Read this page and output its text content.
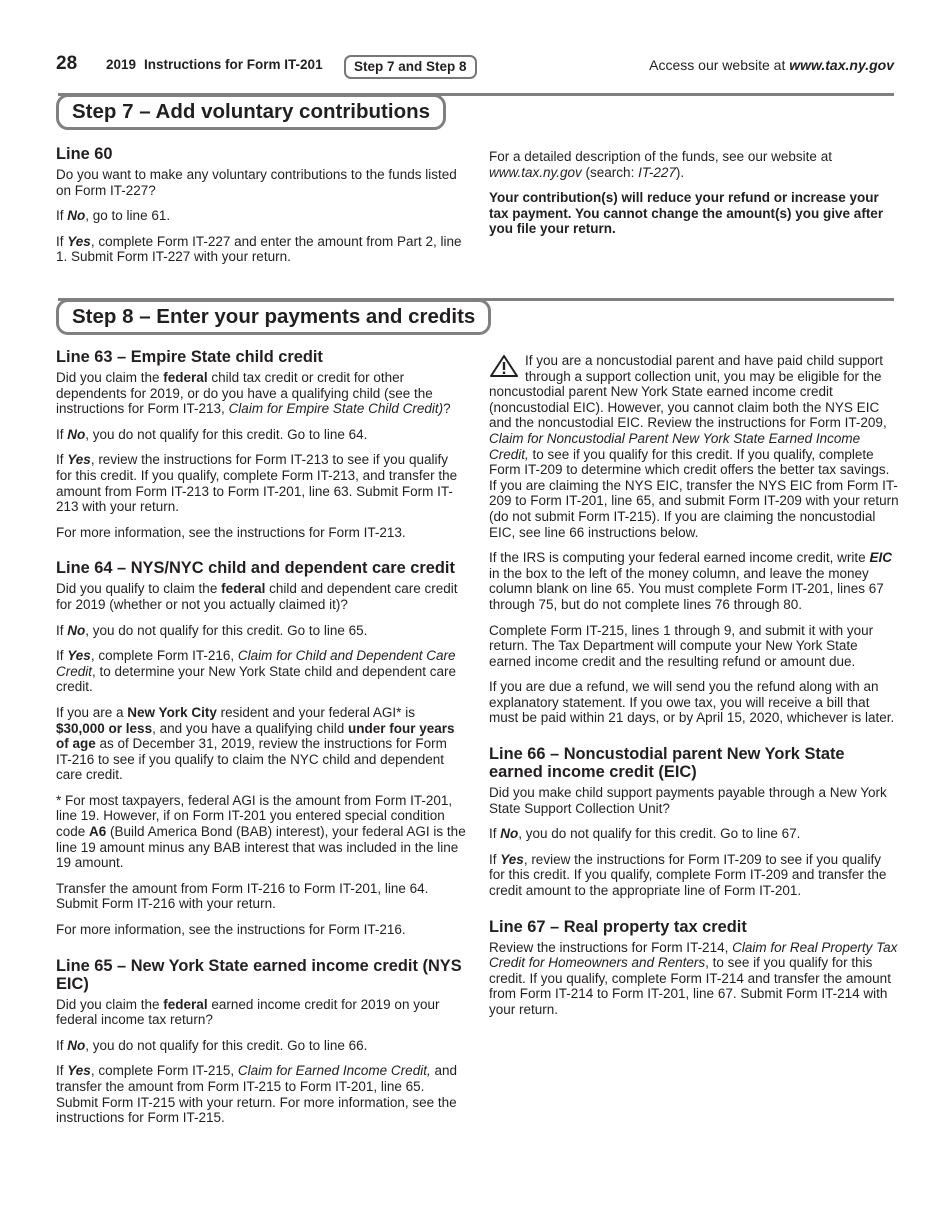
28 2019 Instructions for Form IT-201	Step 7 and Step 8	Access our website at www.tax.ny.gov
Step 7 – Add voluntary contributions
Line 60

Do you want to make any voluntary contributions to the funds listed on Form IT-227?

If No, go to line 61.

If Yes, complete Form IT-227 and enter the amount from Part 2, line 1. Submit Form IT-227 with your return.

For a detailed description of the funds, see our website at www.tax.ny.gov (search: IT-227).

Your contribution(s) will reduce your refund or increase your tax payment. You cannot change the amount(s) you give after you file your return.

Step 8 – Enter your payments and credits
Line 63 – Empire State child credit

Did you claim the federal child tax credit or credit for other dependents for 2019, or do you have a qualifying child (see the instructions for Form IT-213, Claim for Empire State Child Credit)?

If No, you do not qualify for this credit. Go to line 64.

If Yes, review the instructions for Form IT-213 to see if you qualify for this credit. If you qualify, complete Form IT-213, and transfer the amount from Form IT-213 to Form IT-201, line 63. Submit Form IT-213 with your return.

For more information, see the instructions for Form IT-213.

Line 64 – NYS/NYC child and dependent care credit

Did you qualify to claim the federal child and dependent care credit for 2019 (whether or not you actually claimed it)?

If No, you do not qualify for this credit. Go to line 65.

If Yes, complete Form IT-216, Claim for Child and Dependent Care Credit, to determine your New York State child and dependent care credit.

If you are a New York City resident and your federal AGI* is $30,000 or less, and you have a qualifying child under four years of age as of December 31, 2019, review the instructions for Form IT-216 to see if you qualify to claim the NYC child and dependent care credit.

* For most taxpayers, federal AGI is the amount from Form IT-201, line 19. However, if on Form IT-201 you entered special condition code A6 (Build America Bond (BAB) interest), your federal AGI is the line 19 amount minus any BAB interest that was included in the line 19 amount.

Transfer the amount from Form IT-216 to Form IT-201, line 64. Submit Form IT-216 with your return.

For more information, see the instructions for Form IT-216.

Line 65 – New York State earned income credit (NYS EIC)

Did you claim the federal earned income credit for 2019 on your federal income tax return?

If No, you do not qualify for this credit. Go to line 66.

If Yes, complete Form IT-215, Claim for Earned Income Credit, and transfer the amount from Form IT-215 to Form IT-201, line 65. Submit Form IT-215 with your return. For more information, see the instructions for Form IT-215.

If you are a noncustodial parent and have paid child support through a support collection unit, you may be eligible for the noncustodial parent New York State earned income credit (noncustodial EIC). However, you cannot claim both the NYS EIC and the noncustodial EIC. Review the instructions for Form IT-209, Claim for Noncustodial Parent New York State Earned Income Credit, to see if you qualify for this credit. If you qualify, complete Form IT-209 to determine which credit offers the better tax savings. If you are claiming the NYS EIC, transfer the NYS EIC from Form IT-209 to Form IT-201, line 65, and submit Form IT-209 with your return (do not submit Form IT-215). If you are claiming the noncustodial EIC, see line 66 instructions below.

If the IRS is computing your federal earned income credit, write EIC in the box to the left of the money column, and leave the money column blank on line 65. You must complete Form IT-201, lines 67 through 75, but do not complete lines 76 through 80.

Complete Form IT-215, lines 1 through 9, and submit it with your return. The Tax Department will compute your New York State earned income credit and the resulting refund or amount due.

If you are due a refund, we will send you the refund along with an explanatory statement. If you owe tax, you will receive a bill that must be paid within 21 days, or by April 15, 2020, whichever is later.

Line 66 – Noncustodial parent New York State earned income credit (EIC)

Did you make child support payments payable through a New York State Support Collection Unit?

If No, you do not qualify for this credit. Go to line 67.

If Yes, review the instructions for Form IT-209 to see if you qualify for this credit. If you qualify, complete Form IT-209 and transfer the credit amount to the appropriate line of Form IT-201.

Line 67 – Real property tax credit

Review the instructions for Form IT-214, Claim for Real Property Tax Credit for Homeowners and Renters, to see if you qualify for this credit. If you qualify, complete Form IT-214 and transfer the amount from Form IT-214 to Form IT-201, line 67. Submit Form IT-214 with your return.
